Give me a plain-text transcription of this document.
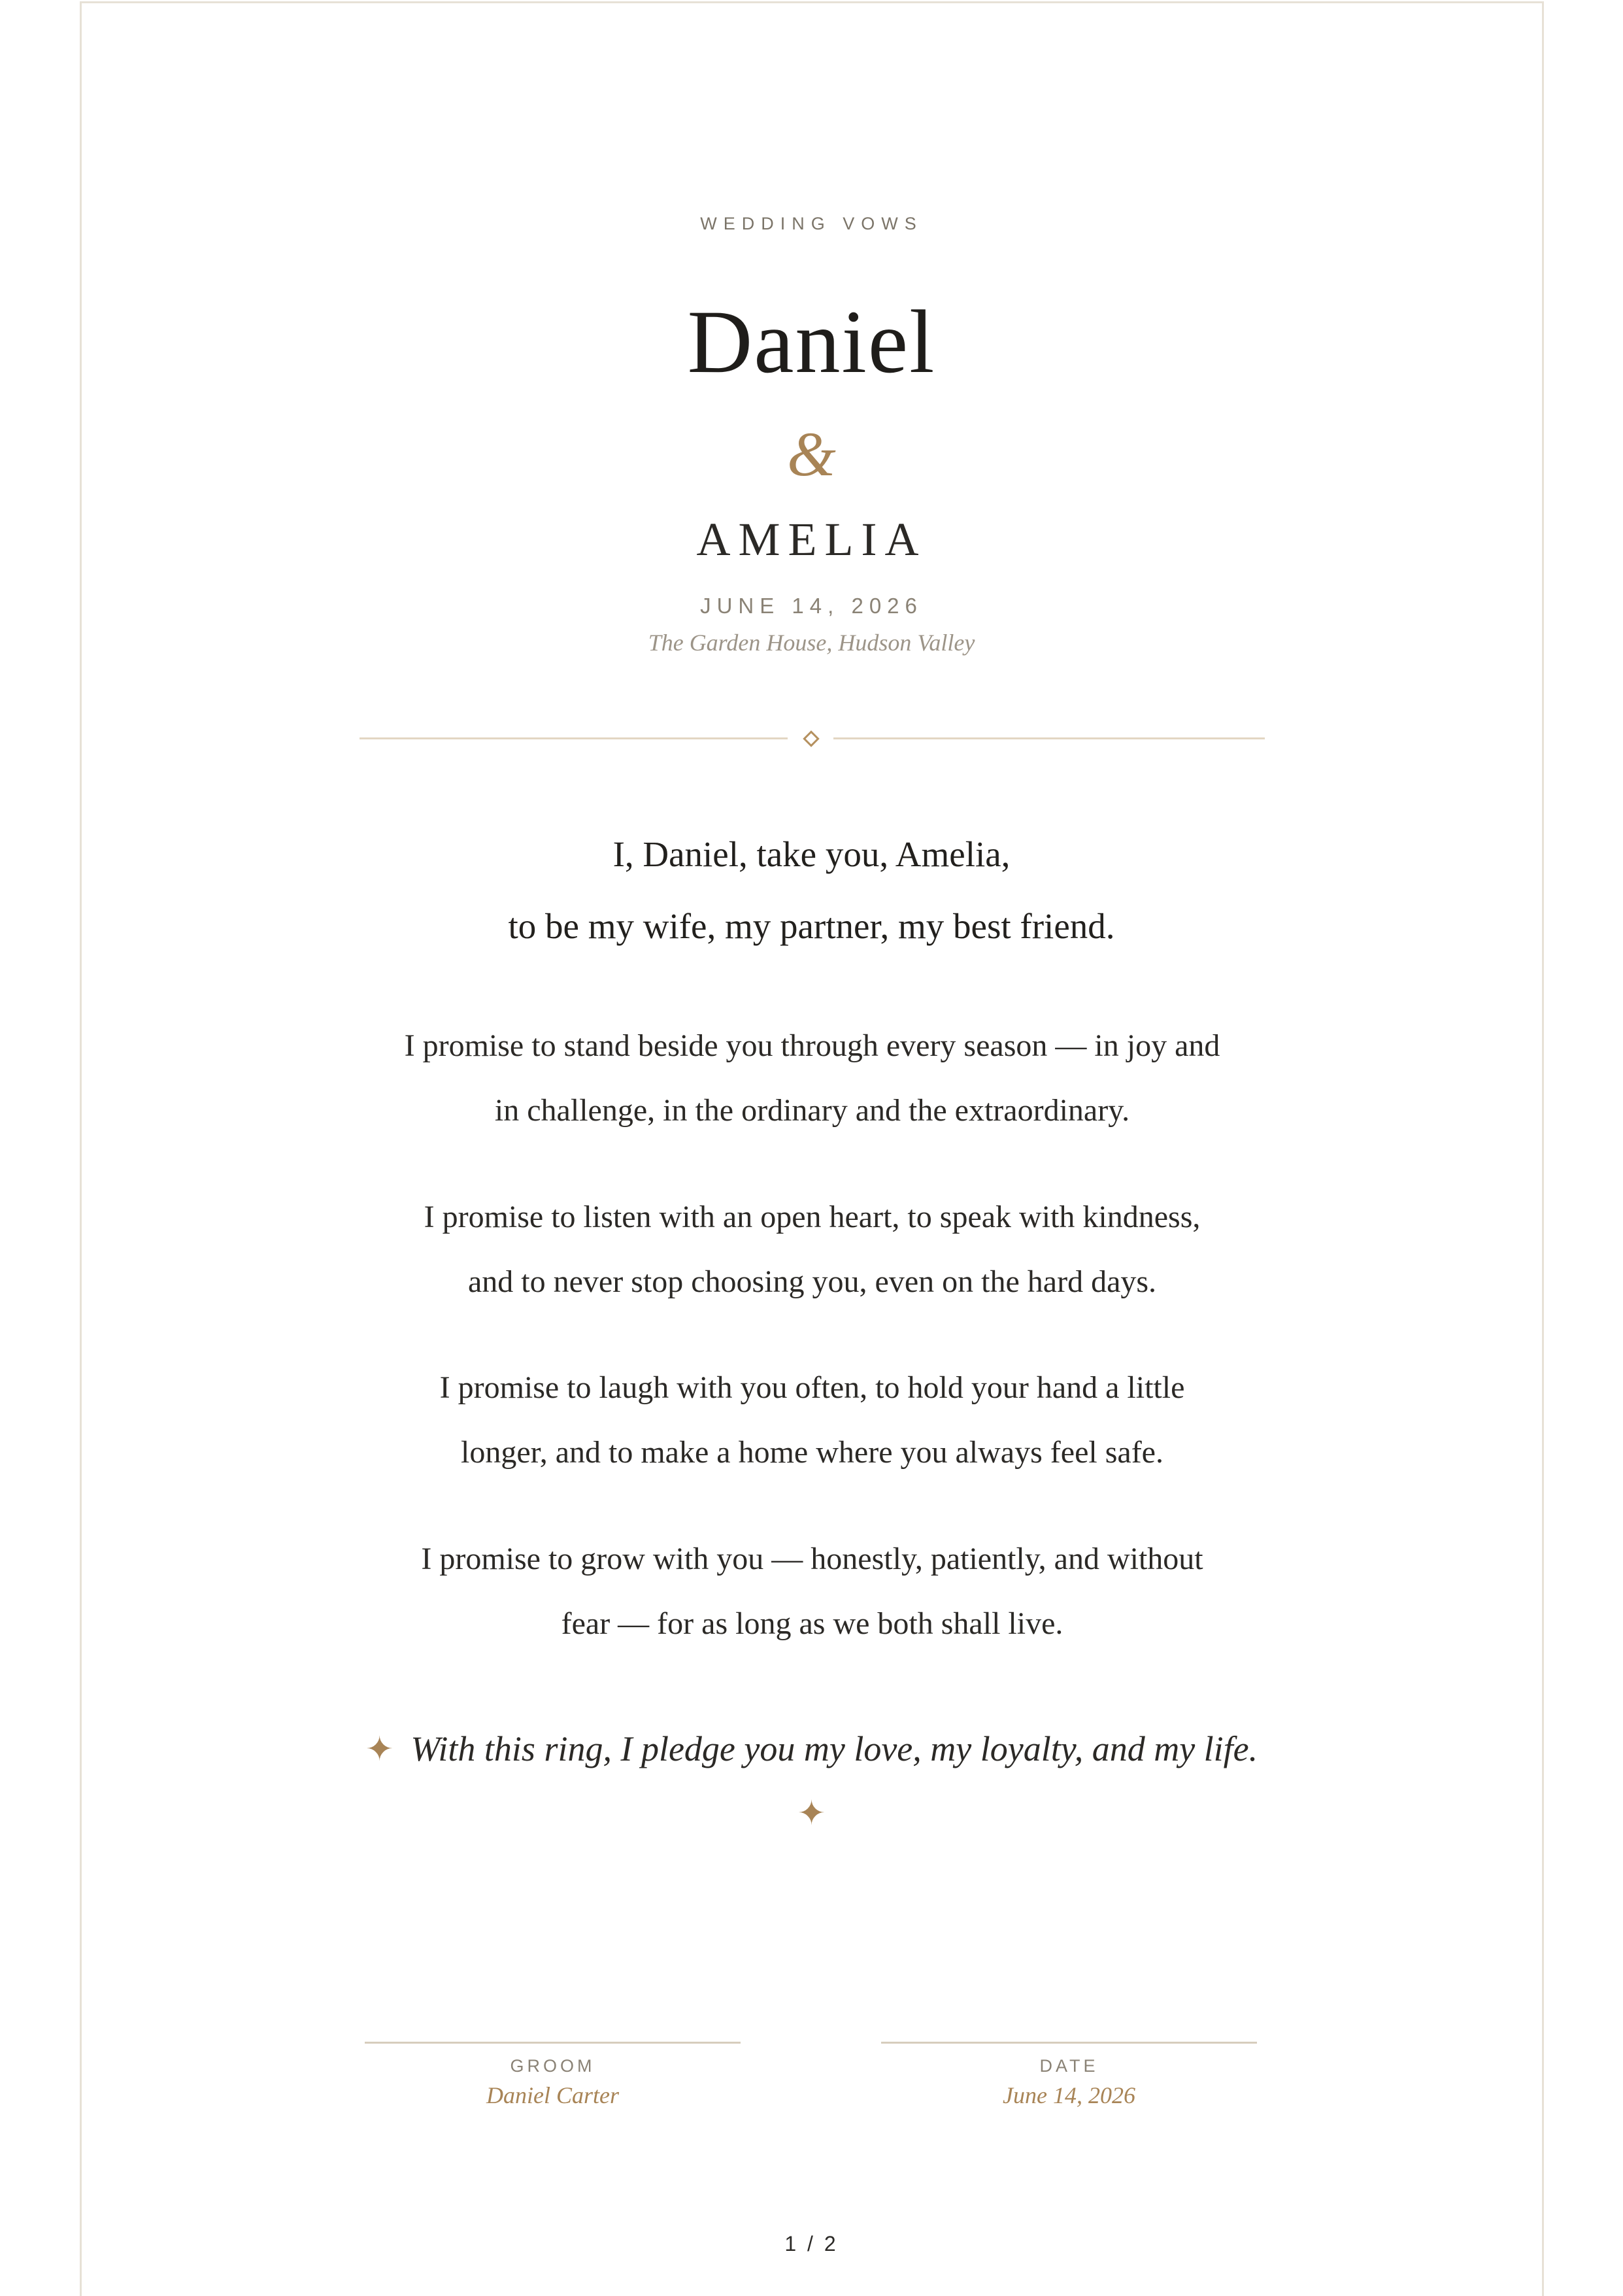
WEDDING VOWS
Daniel
&
AMELIA
JUNE 14, 2026
The Garden House, Hudson Valley
I, Daniel, take you, Amelia,
to be my wife, my partner, my best friend.
I promise to stand beside you through every season — in joy and
in challenge, in the ordinary and the extraordinary.
I promise to listen with an open heart, to speak with kindness,
and to never stop choosing you, even on the hard days.
I promise to laugh with you often, to hold your hand a little
longer, and to make a home where you always feel safe.
I promise to grow with you — honestly, patiently, and without
fear — for as long as we both shall live.
✦ With this ring, I pledge you my love, my loyalty, and my life.
✦
GROOM
Daniel Carter
DATE
June 14, 2026
1 / 2
